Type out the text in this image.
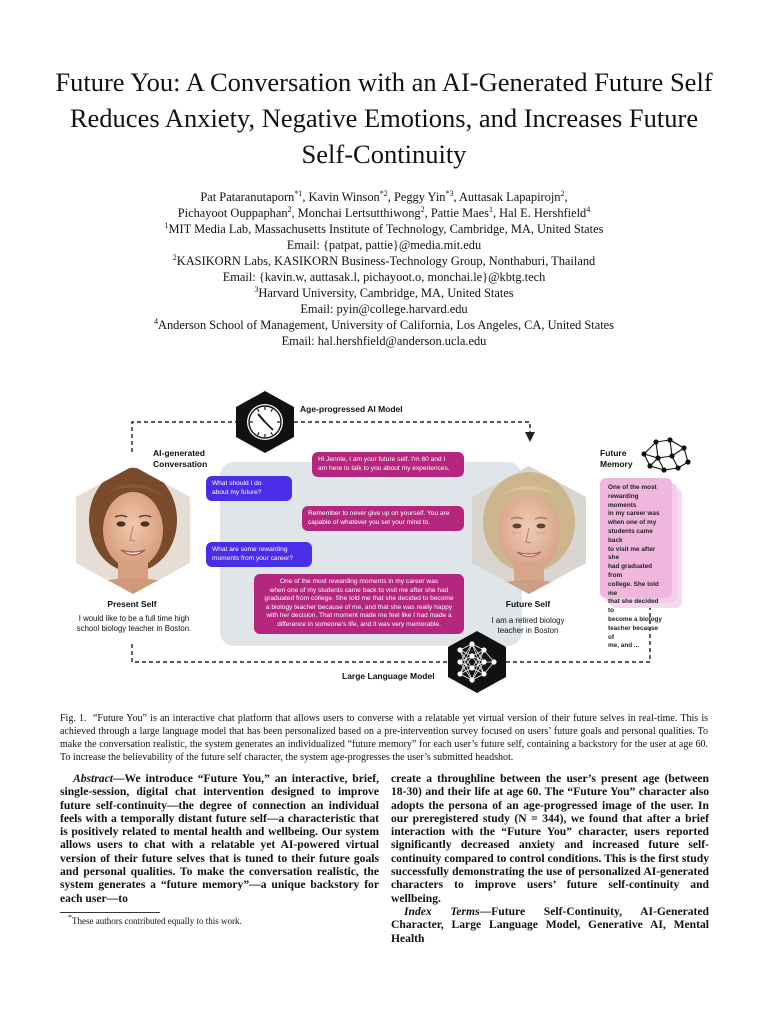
Future You: A Conversation with an AI-Generated Future Self Reduces Anxiety, Negative Emotions, and Increases Future Self-Continuity
Pat Pataranutaporn$^{*1}$, Kavin Winson$^{*2}$, Peggy Yin$^{*3}$, Auttasak Lapapirojn$^2$,
Pichayoot Ouppaphan$^2$, Monchai Lertsutthiwong$^2$, Pattie Maes$^1$, Hal E. Hershfield$^4$
$^1$MIT Media Lab, Massachusetts Institute of Technology, Cambridge, MA, United States
Email: {patpat, pattie}@media.mit.edu
$^2$KASIKORN Labs, KASIKORN Business-Technology Group, Nonthaburi, Thailand
Email: {kavin.w, auttasak.l, pichayoot.o, monchai.le}@kbtg.tech
$^3$Harvard University, Cambridge, MA, United States
Email: pyin@college.harvard.edu
$^4$Anderson School of Management, University of California, Los Angeles, CA, United States
Email: hal.hershfield@anderson.ucla.edu
Age-progressed AI Model
AI-generated
Conversation
Present Self
I would like to be a full time high
school biology teacher in Boston.
Hi Jennie, I am your future self. I'm 60 and I
am here to talk to you about my experiences.
What should I do
about my future?
Remember to never give up on yourself. You are
capable of whatever you set your mind to.
What are some rewarding
moments from your career?
One of the most rewarding moments in my career was
when one of my students came back to visit me after she had
graduated from college. She told me that she decided to become
a biology teacher because of me, and that she was really happy
with her decision. That moment made me feel like I had made a
difference in someone's life, and it was very memorable.
Future Self
I am a retired biology
teacher in Boston
Future
Memory
One of the most
rewarding moments
in my career was
when one of my
students came back
to visit me after she
had graduated from
college. She told me
that she decided to
become a biology
teacher because of
me, and ...
Large Language Model
Fig. 1. “Future You” is an interactive chat platform that allows users to converse with a relatable yet virtual version of their future selves in real-time. This is achieved through a large language model that has been personalized based on a pre-intervention survey focused on users’ future goals and personal qualities. To make the conversation realistic, the system generates an individualized “future memory” for each user’s future self, containing a backstory for the user at age 60. To increase the believability of the future self character, the system age-progresses the user’s submitted headshot.
Abstract—We introduce “Future You,” an interactive, brief, single-session, digital chat intervention designed to improve future self-continuity—the degree of connection an individual feels with a temporally distant future self—a characteristic that is positively related to mental health and wellbeing. Our system allows users to chat with a relatable yet AI-powered virtual version of their future selves that is tuned to their future goals and personal qualities. To make the conversation realistic, the system generates a “future memory”—a unique backstory for each user—to
create a throughline between the user’s present age (between 18-30) and their life at age 60. The “Future You” character also adopts the persona of an age-progressed image of the user. In our preregistered study (N = 344), we found that after a brief interaction with the “Future You” character, users reported significantly decreased anxiety and increased future self-continuity compared to control conditions. This is the first study successfully demonstrating the use of personalized AI-generated characters to improve users’ future self-continuity and wellbeing.
Index Terms—Future Self-Continuity, AI-Generated Character, Large Language Model, Generative AI, Mental Health
*These authors contributed equally to this work.
